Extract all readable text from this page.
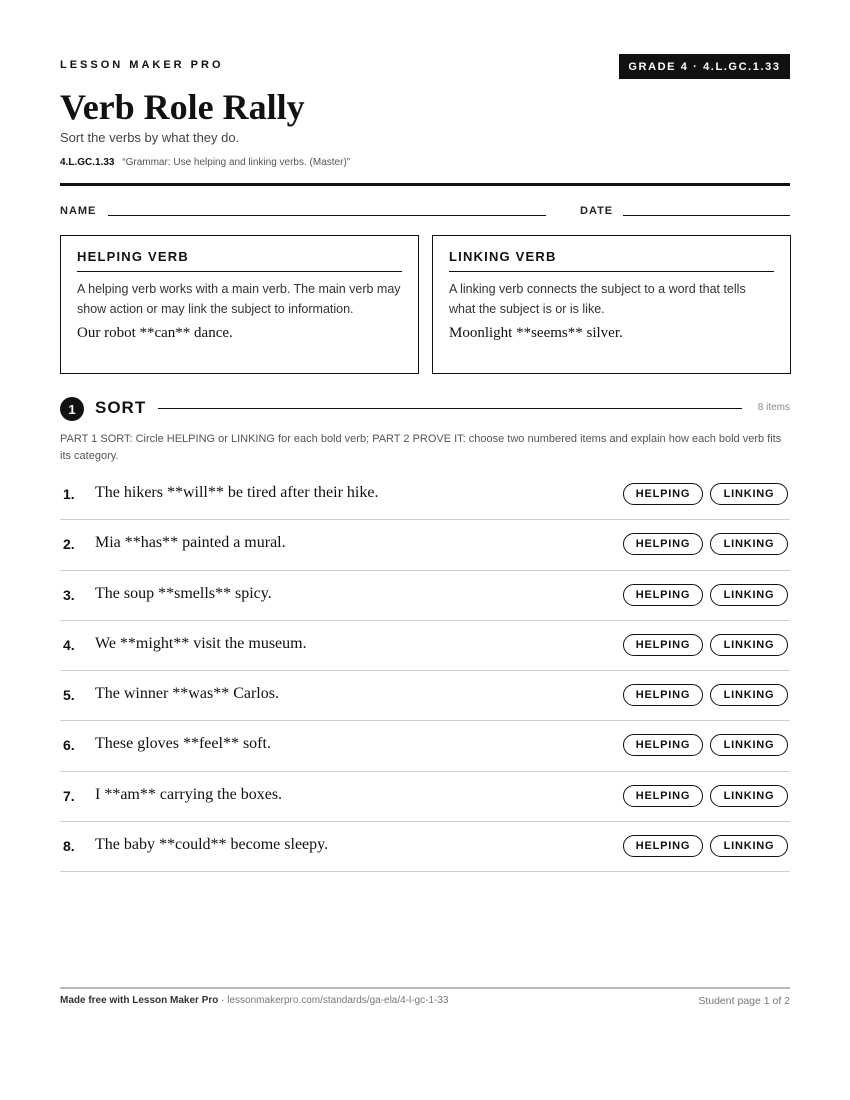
LESSON MAKER PRO	GRADE 4 · 4.L.GC.1.33
Verb Role Rally
Sort the verbs by what they do.
4.L.GC.1.33 “Grammar: Use helping and linking verbs. (Master)”
NAME	DATE
HELPING VERB
A helping verb works with a main verb. The main verb may show action or may link the subject to information.
Our robot **can** dance.
LINKING VERB
A linking verb connects the subject to a word that tells what the subject is or is like.
Moonlight **seems** silver.
1	SORT	8 items
PART 1 SORT: Circle HELPING or LINKING for each bold verb; PART 2 PROVE IT: choose two numbered items and explain how each bold verb fits its category.
1. The hikers **will** be tired after their hike.	HELPING	LINKING
2. Mia **has** painted a mural.	HELPING	LINKING
3. The soup **smells** spicy.	HELPING	LINKING
4. We **might** visit the museum.	HELPING	LINKING
5. The winner **was** Carlos.	HELPING	LINKING
6. These gloves **feel** soft.	HELPING	LINKING
7. I **am** carrying the boxes.	HELPING	LINKING
8. The baby **could** become sleepy.	HELPING	LINKING
Made free with Lesson Maker Pro · lessonmakerpro.com/standards/ga-ela/4-l-gc-1-33	Student page 1 of 2
